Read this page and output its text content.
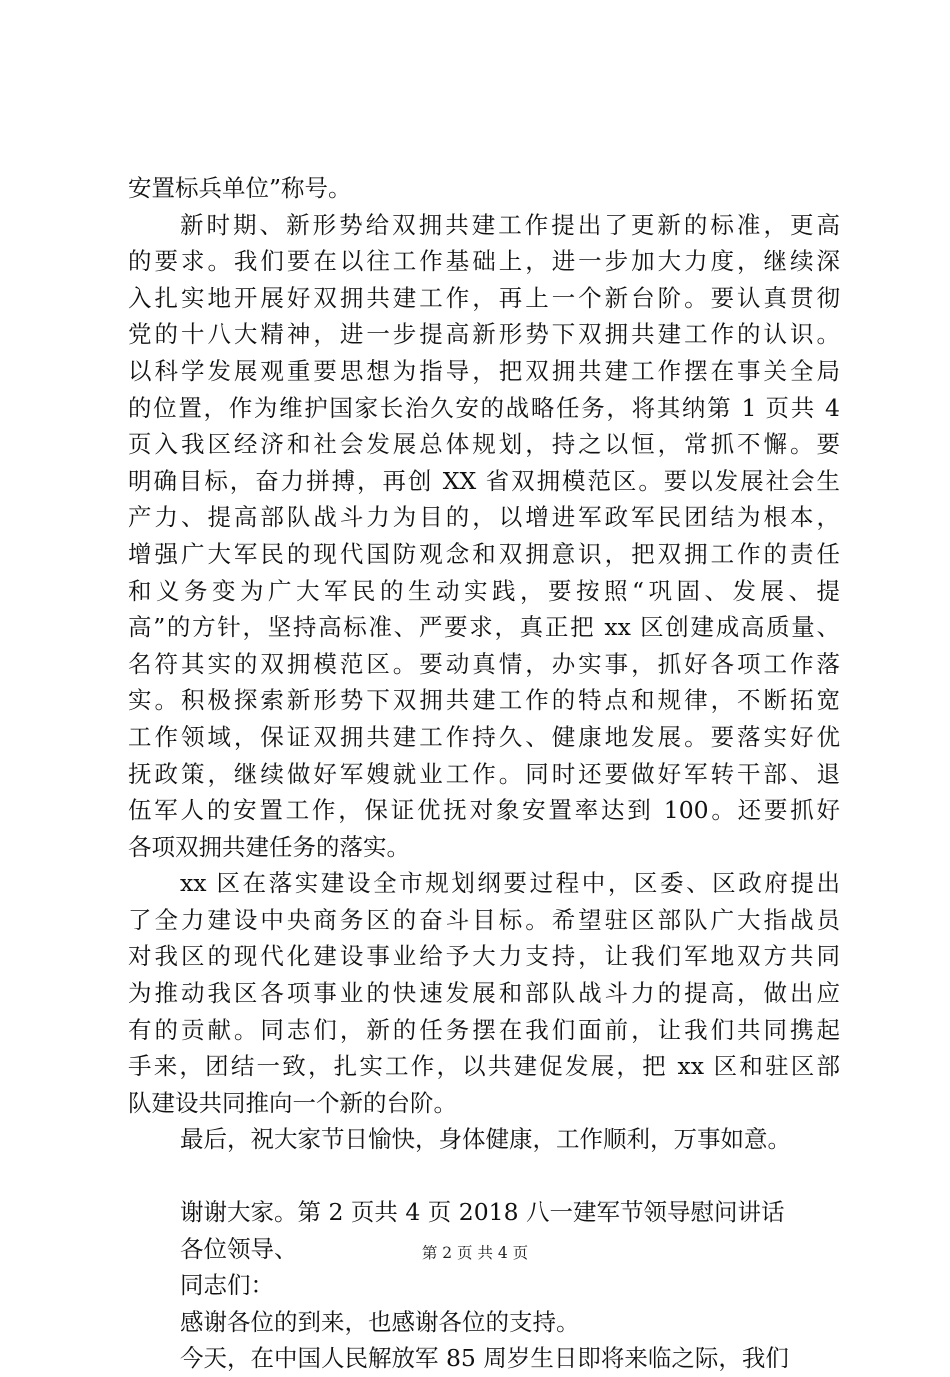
安置标兵单位”称号。
新时期、新形势给双拥共建工作提出了更新的标准，更高
的要求。我们要在以往工作基础上，进一步加大力度，继续深
入扎实地开展好双拥共建工作，再上一个新台阶。要认真贯彻
党的十八大精神，进一步提高新形势下双拥共建工作的认识。
以科学发展观重要思想为指导，把双拥共建工作摆在事关全局
的位置，作为维护国家长治久安的战略任务，将其纳第 1 页共 4
页入我区经济和社会发展总体规划，持之以恒，常抓不懈。要
明确目标，奋力拼搏，再创 XX 省双拥模范区。要以发展社会生
产力、提高部队战斗力为目的，以增进军政军民团结为根本，
增强广大军民的现代国防观念和双拥意识，把双拥工作的责任
和义务变为广大军民的生动实践，要按照“巩固、发展、提
高”的方针，坚持高标准、严要求，真正把 xx 区创建成高质量、
名符其实的双拥模范区。要动真情，办实事，抓好各项工作落
实。积极探索新形势下双拥共建工作的特点和规律，不断拓宽
工作领域，保证双拥共建工作持久、健康地发展。要落实好优
抚政策，继续做好军嫂就业工作。同时还要做好军转干部、退
伍军人的安置工作，保证优抚对象安置率达到 100。还要抓好
各项双拥共建任务的落实。
xx 区在落实建设全市规划纲要过程中，区委、区政府提出
了全力建设中央商务区的奋斗目标。希望驻区部队广大指战员
对我区的现代化建设事业给予大力支持，让我们军地双方共同
为推动我区各项事业的快速发展和部队战斗力的提高，做出应
有的贡献。同志们，新的任务摆在我们面前，让我们共同携起
手来，团结一致，扎实工作，以共建促发展，把 xx 区和驻区部
队建设共同推向一个新的台阶。
最后，祝大家节日愉快，身体健康，工作顺利，万事如意。
谢谢大家。第 2 页共 4 页 2018 八一建军节领导慰问讲话
各位领导、
同志们：
感谢各位的到来，也感谢各位的支持。
今天，在中国人民解放军 85 周岁生日即将来临之际，我们
第 2 页 共 4 页
